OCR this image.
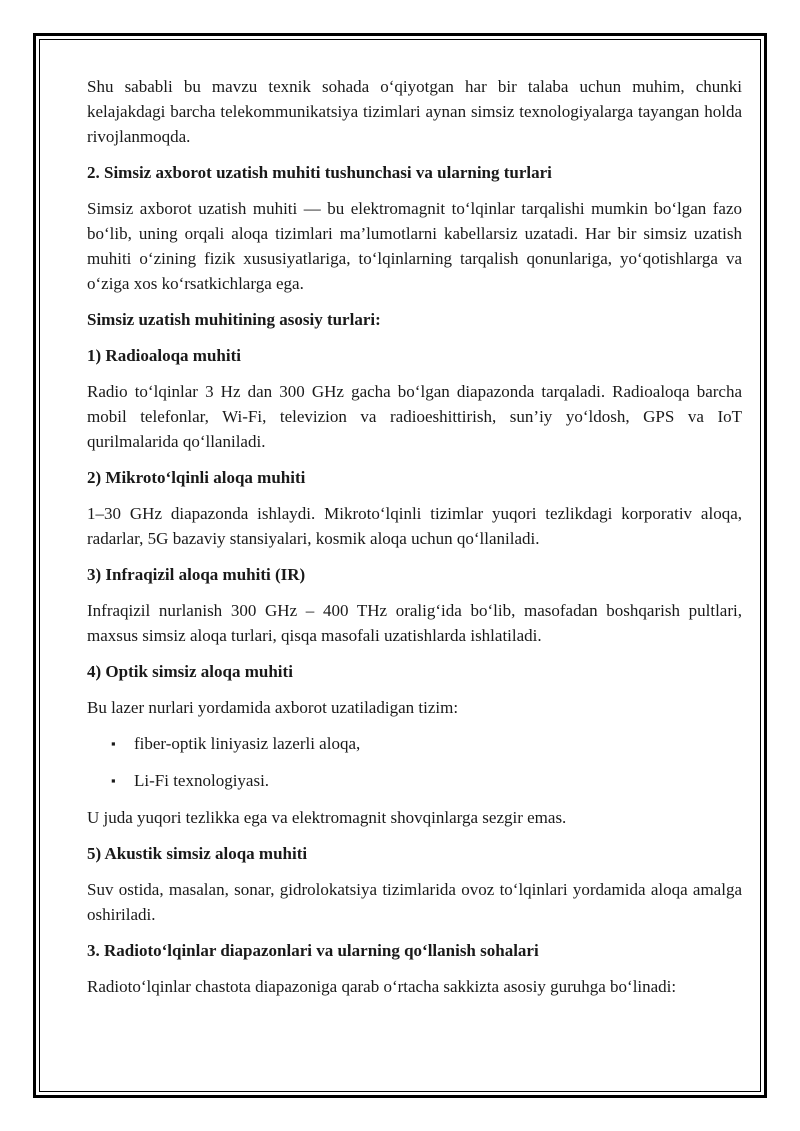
Shu sababli bu mavzu texnik sohada o‘qiyotgan har bir talaba uchun muhim, chunki kelajakdagi barcha telekommunikatsiya tizimlari aynan simsiz texnologiyalarga tayangan holda rivojlanmoqda.

2. Simsiz axborot uzatish muhiti tushunchasi va ularning turlari

Simsiz axborot uzatish muhiti — bu elektromagnit to‘lqinlar tarqalishi mumkin bo‘lgan fazo bo‘lib, uning orqali aloqa tizimlari ma’lumotlarni kabellarsiz uzatadi. Har bir simsiz uzatish muhiti o‘zining fizik xususiyatlariga, to‘lqinlarning tarqalish qonunlariga, yo‘qotishlarga va o‘ziga xos ko‘rsatkichlarga ega.

Simsiz uzatish muhitining asosiy turlari:

1) Radioaloqa muhiti

Radio to‘lqinlar 3 Hz dan 300 GHz gacha bo‘lgan diapazonda tarqaladi. Radioaloqa barcha mobil telefonlar, Wi-Fi, televizion va radioeshittirish, sun’iy yo‘ldosh, GPS va IoT qurilmalarida qo‘llaniladi.

2) Mikroto‘lqinli aloqa muhiti

1–30 GHz diapazonda ishlaydi. Mikroto‘lqinli tizimlar yuqori tezlikdagi korporativ aloqa, radarlar, 5G bazaviy stansiyalari, kosmik aloqa uchun qo‘llaniladi.

3) Infraqizil aloqa muhiti (IR)

Infraqizil nurlanish 300 GHz – 400 THz oralig‘ida bo‘lib, masofadan boshqarish pultlari, maxsus simsiz aloqa turlari, qisqa masofali uzatishlarda ishlatiladi.

4) Optik simsiz aloqa muhiti

Bu lazer nurlari yordamida axborot uzatiladigan tizim:

▪ fiber-optik liniyasiz lazerli aloqa,
▪ Li-Fi texnologiyasi.

U juda yuqori tezlikka ega va elektromagnit shovqinlarga sezgir emas.

5) Akustik simsiz aloqa muhiti

Suv ostida, masalan, sonar, gidrolokatsiya tizimlarida ovoz to‘lqinlari yordamida aloqa amalga oshiriladi.

3. Radioto‘lqinlar diapazonlari va ularning qo‘llanish sohalari

Radioto‘lqinlar chastota diapazoniga qarab o‘rtacha sakkizta asosiy guruhga bo‘linadi:
